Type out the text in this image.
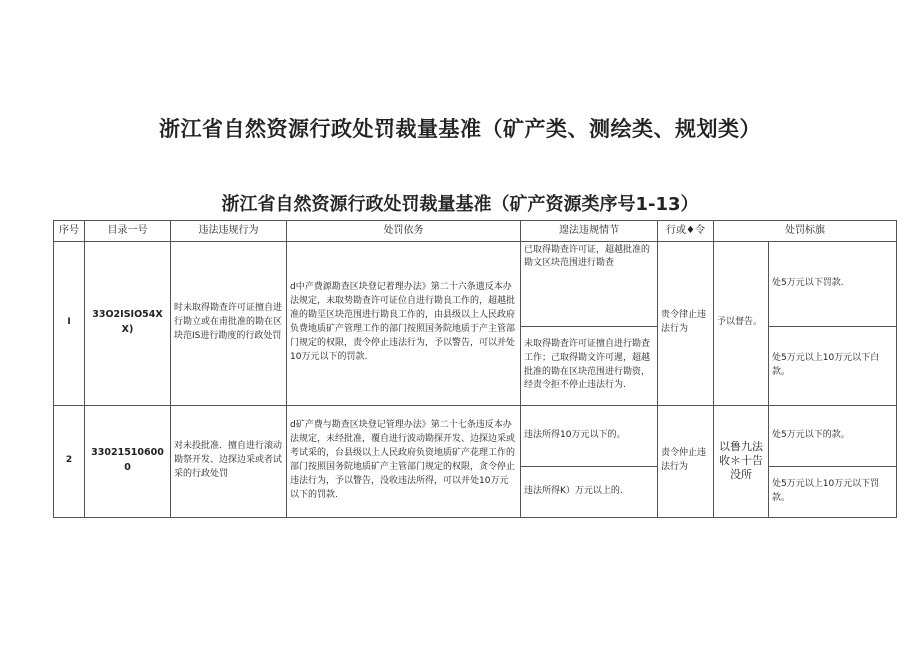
浙江省自然资源行政处罚裁量基准（矿产类、测绘类、规划类）
浙江省自然资源行政处罚裁量基准（矿产资源类序号1-13）
序号	目录一号	违法违规行为	处罚依务	遑法违规情节	行或♦令	处罚标旗	
I	33O2ISIO54XX)	时未取得勘查许可证擅自进行勘立或在甫批准的勘在区块范IS进行勘度的行政处罚	d中产费源勘查区块登记着理办法》第二十六条遗反本办法规定，未取势勘查许可证位自进行勘良工作的，超越批准的勘坙区块范围进行勘良工作的，由县级以上人民政府负费地质矿产管理工作的部门按照国务院地质于产主管部门规定的权限，责令停止违法行为，予以警告，可以并处10万元以下的罚款.	已取得勘查许可证，超越批准的勘文区块范围进行勘查	贵令律止违法行为	予以督告。	处5万元以下罚款.
				未取得勘査许可证擅自进行勘査工作；己取得勘文许可遲，超越批准的勘在区块范围进行勘资，经责令拒不停止违法行为.			处5万元以上10万元以下白款。
2	330215106000	对未投批准．擅自进行滚动勘祭开发、边探边采或者试采的行政处罚	d矿产费与勘查区块登记管理办法》第二十七条违反本办法规定，未经批准，覆自进行波动勘探开发、边探边采或考试采的，台县级以上人民政府负资地质矿产花理工作的部门按照国务院地质矿产主管部门规定的权限，贪令停止违法行为，予以瞥告，没收违法所得，可以并处10万元以下的罚款.	违法所得10万元以下的。	责令仲止违法行为	以鲁九法收＊十告没所	处5万元以下的款。
				违法所得K）万元以上的.			处5万元以上10万元以下罚款。
